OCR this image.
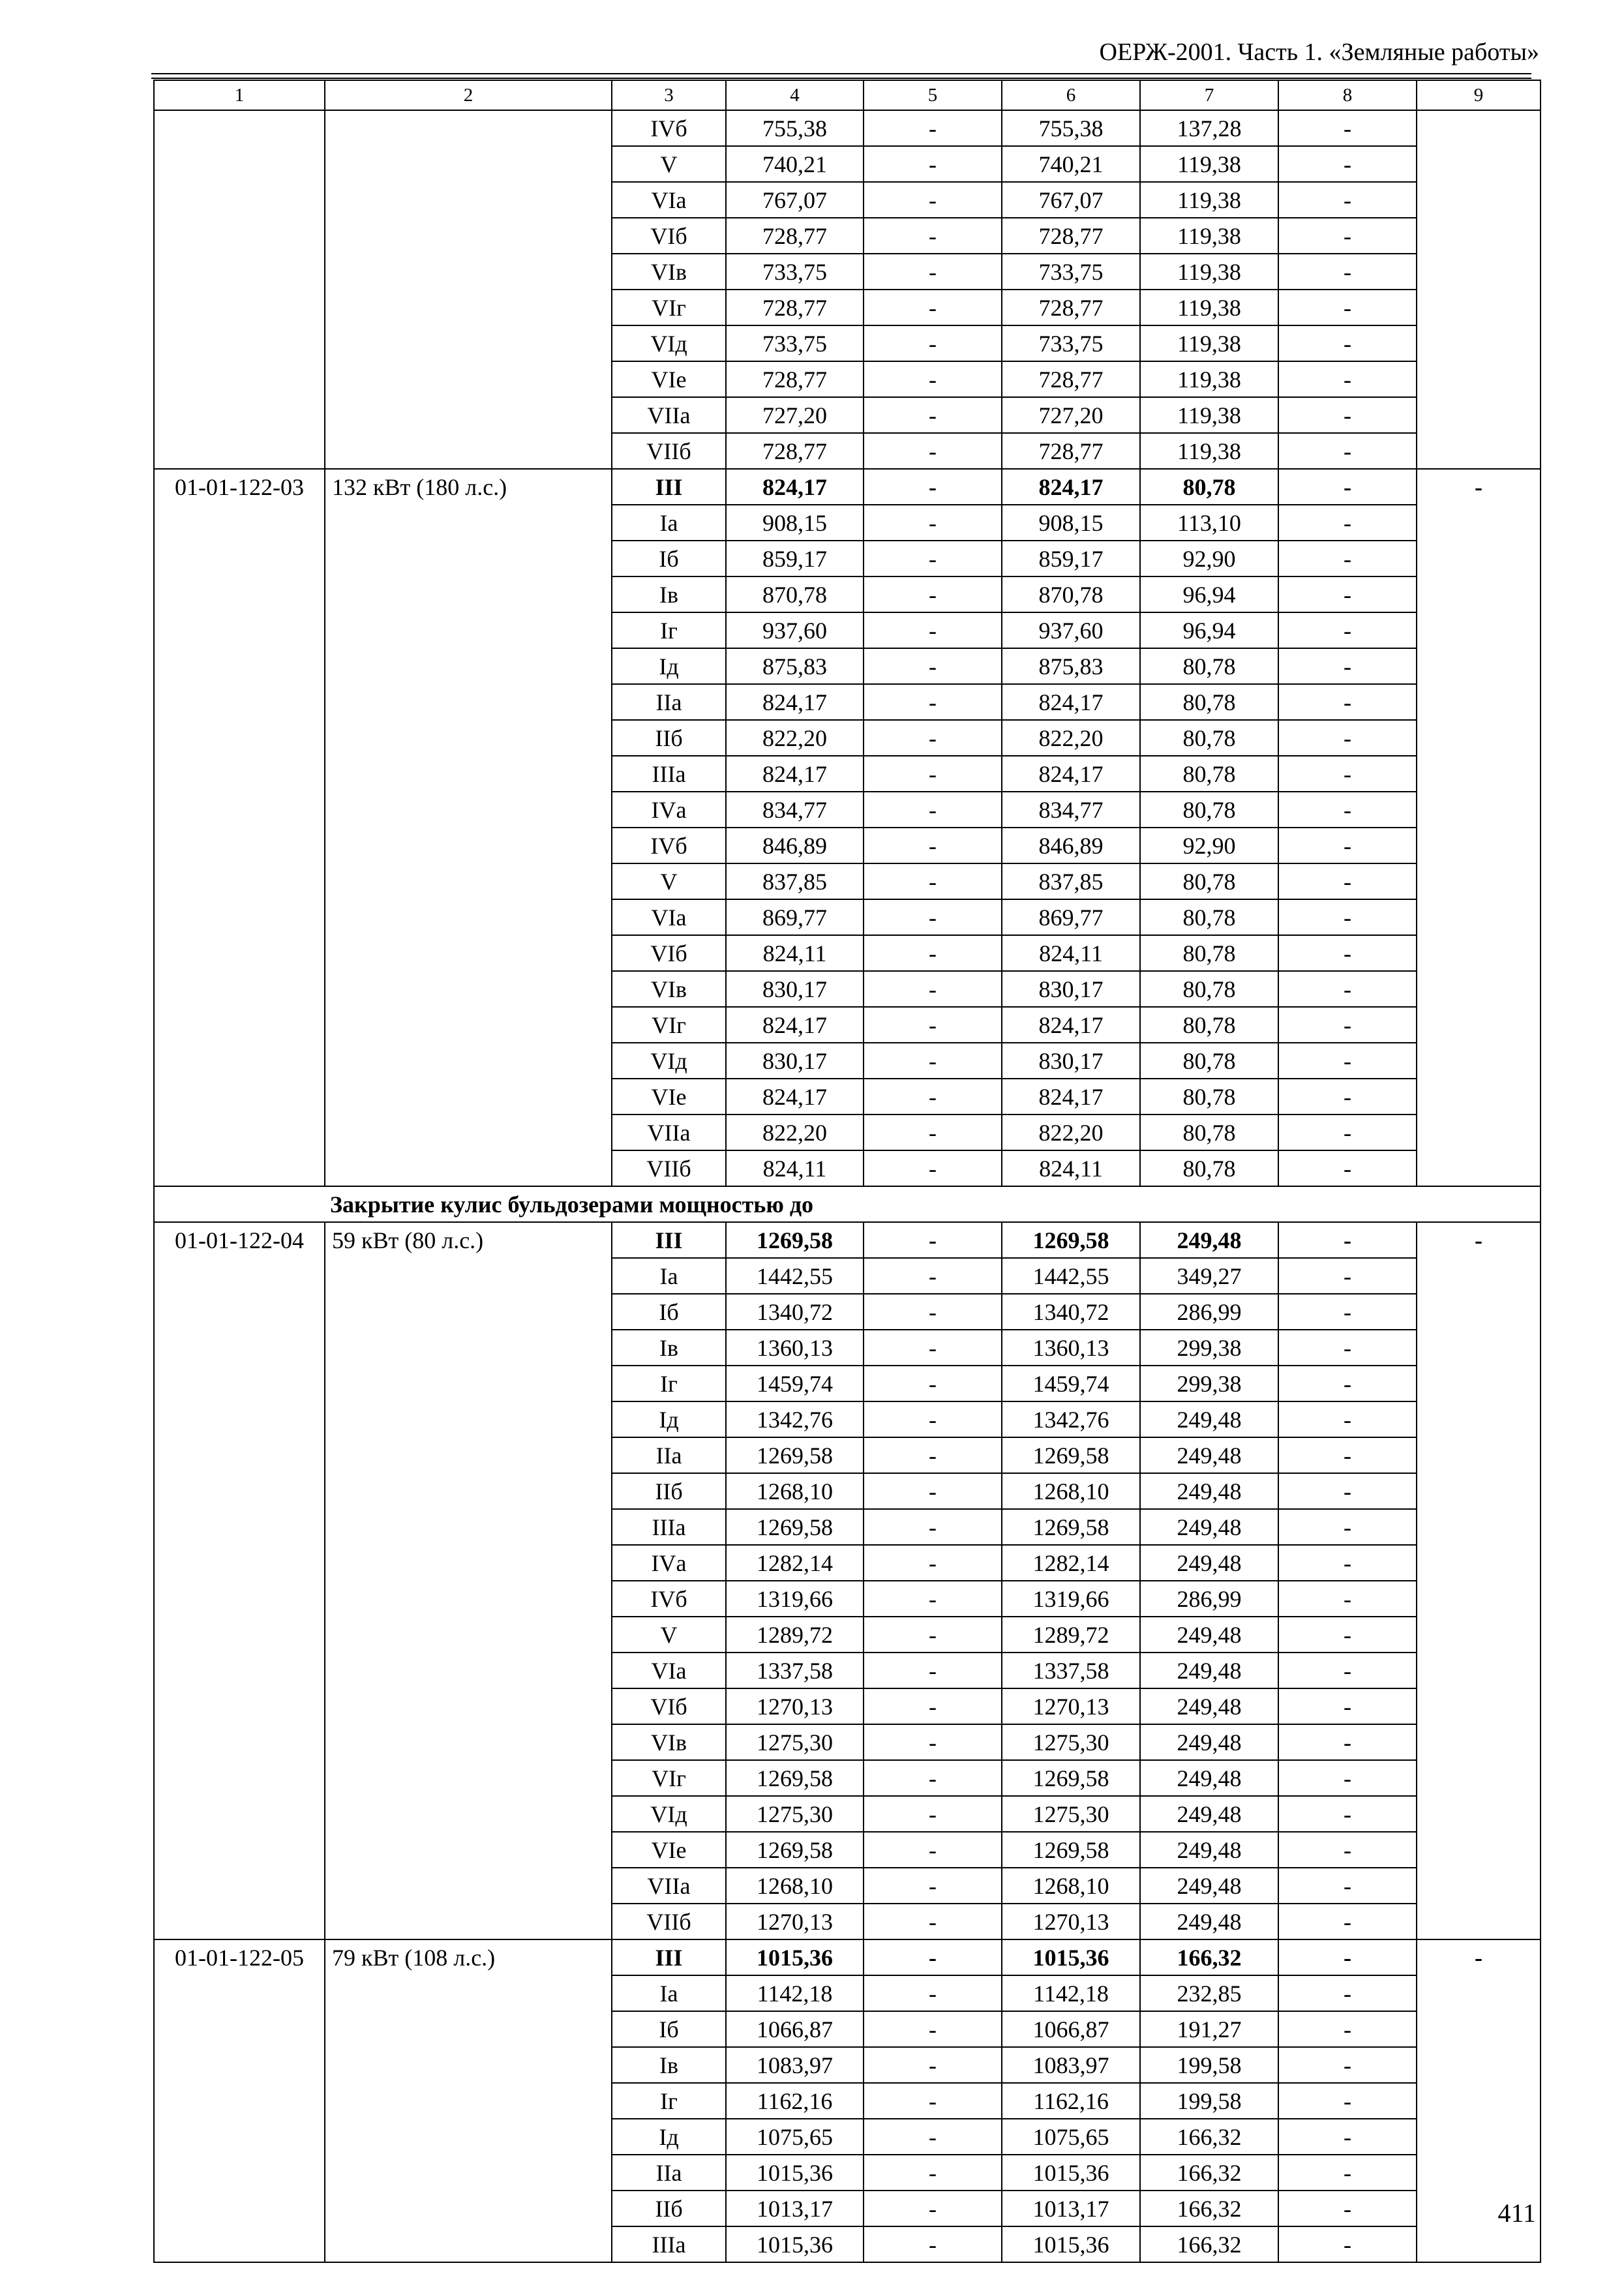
ОЕРЖ-2001. Часть 1. «Земляные работы»
1	2	3	4	5	6	7	8	9
		IVб	755,38	-	755,38	137,28	-	
		V	740,21	-	740,21	119,38	-	
		VIа	767,07	-	767,07	119,38	-	
		VIб	728,77	-	728,77	119,38	-	
		VIв	733,75	-	733,75	119,38	-	
		VIг	728,77	-	728,77	119,38	-	
		VIд	733,75	-	733,75	119,38	-	
		VIе	728,77	-	728,77	119,38	-	
		VIIа	727,20	-	727,20	119,38	-	
		VIIб	728,77	-	728,77	119,38	-	
01-01-122-03	132 кВт (180 л.с.)	III	824,17	-	824,17	80,78	-	-
		Iа	908,15	-	908,15	113,10	-	
		Iб	859,17	-	859,17	92,90	-	
		Iв	870,78	-	870,78	96,94	-	
		Iг	937,60	-	937,60	96,94	-	
		Iд	875,83	-	875,83	80,78	-	
		IIа	824,17	-	824,17	80,78	-	
		IIб	822,20	-	822,20	80,78	-	
		IIIа	824,17	-	824,17	80,78	-	
		IVа	834,77	-	834,77	80,78	-	
		IVб	846,89	-	846,89	92,90	-	
		V	837,85	-	837,85	80,78	-	
		VIа	869,77	-	869,77	80,78	-	
		VIб	824,11	-	824,11	80,78	-	
		VIв	830,17	-	830,17	80,78	-	
		VIг	824,17	-	824,17	80,78	-	
		VIд	830,17	-	830,17	80,78	-	
		VIе	824,17	-	824,17	80,78	-	
		VIIа	822,20	-	822,20	80,78	-	
		VIIб	824,11	-	824,11	80,78	-	
	Закрытие кулис бульдозерами мощностью до							
01-01-122-04	59 кВт (80 л.с.)	III	1269,58	-	1269,58	249,48	-	-
		Iа	1442,55	-	1442,55	349,27	-	
		Iб	1340,72	-	1340,72	286,99	-	
		Iв	1360,13	-	1360,13	299,38	-	
		Iг	1459,74	-	1459,74	299,38	-	
		Iд	1342,76	-	1342,76	249,48	-	
		IIа	1269,58	-	1269,58	249,48	-	
		IIб	1268,10	-	1268,10	249,48	-	
		IIIа	1269,58	-	1269,58	249,48	-	
		IVа	1282,14	-	1282,14	249,48	-	
		IVб	1319,66	-	1319,66	286,99	-	
		V	1289,72	-	1289,72	249,48	-	
		VIа	1337,58	-	1337,58	249,48	-	
		VIб	1270,13	-	1270,13	249,48	-	
		VIв	1275,30	-	1275,30	249,48	-	
		VIг	1269,58	-	1269,58	249,48	-	
		VIд	1275,30	-	1275,30	249,48	-	
		VIе	1269,58	-	1269,58	249,48	-	
		VIIа	1268,10	-	1268,10	249,48	-	
		VIIб	1270,13	-	1270,13	249,48	-	
01-01-122-05	79 кВт (108 л.с.)	III	1015,36	-	1015,36	166,32	-	-
		Iа	1142,18	-	1142,18	232,85	-	
		Iб	1066,87	-	1066,87	191,27	-	
		Iв	1083,97	-	1083,97	199,58	-	
		Iг	1162,16	-	1162,16	199,58	-	
		Iд	1075,65	-	1075,65	166,32	-	
		IIа	1015,36	-	1015,36	166,32	-	
		IIб	1013,17	-	1013,17	166,32	-	
		IIIа	1015,36	-	1015,36	166,32	-	
411
